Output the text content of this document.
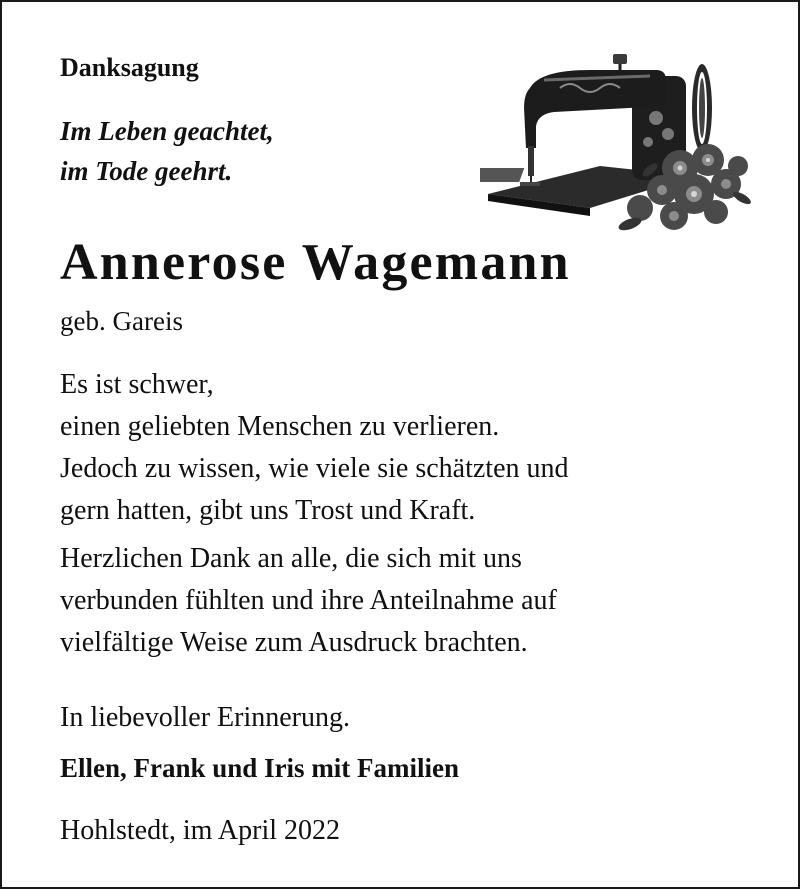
Danksagung
Im Leben geachtet,
im Tode geehrt.
Annerose Wagemann
geb. Gareis
Es ist schwer,
einen geliebten Menschen zu verlieren.
Jedoch zu wissen, wie viele sie schätzten und
gern hatten, gibt uns Trost und Kraft.
Herzlichen Dank an alle, die sich mit uns
verbunden fühlten und ihre Anteilnahme auf
vielfältige Weise zum Ausdruck brachten.
In liebevoller Erinnerung.
Ellen, Frank und Iris mit Familien
Hohlstedt, im April 2022
